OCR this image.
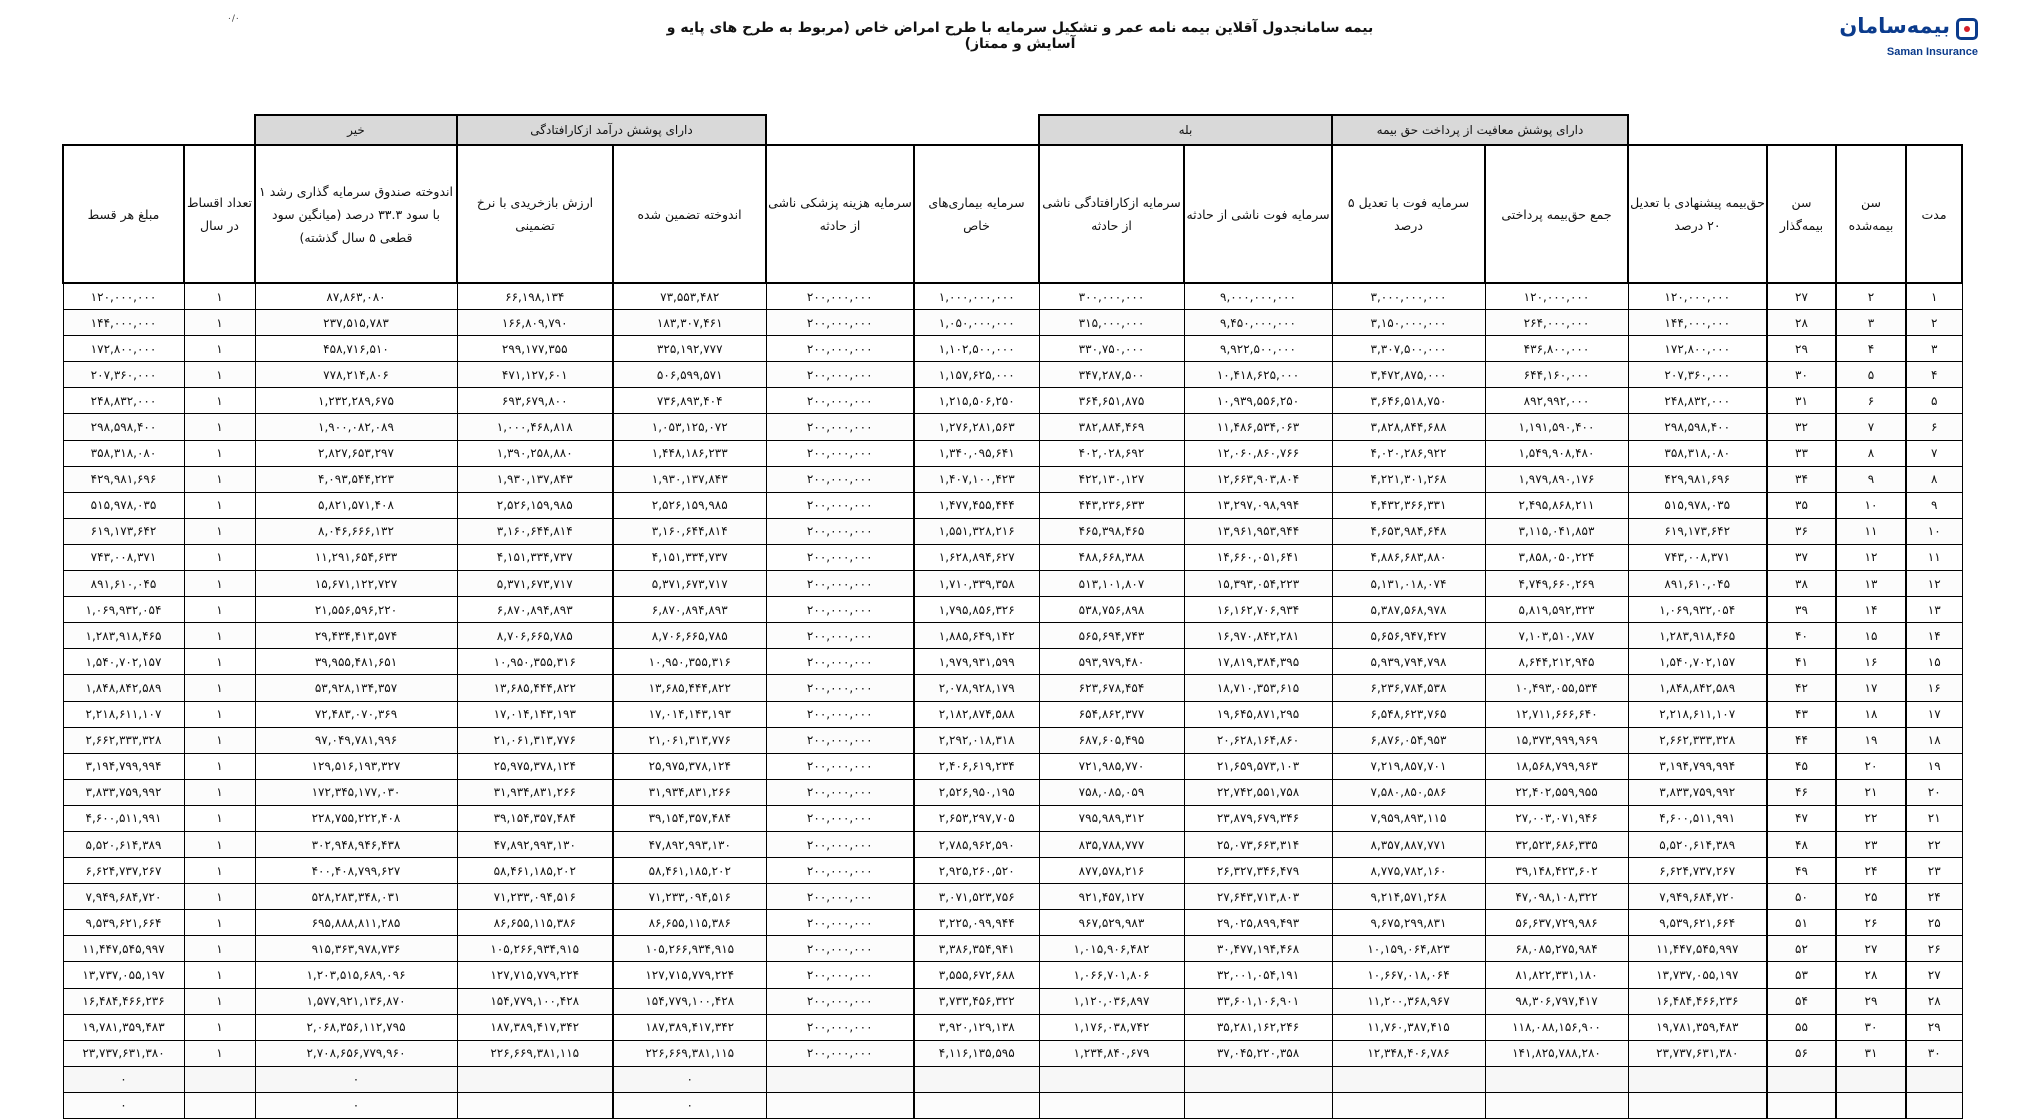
بیمه‌سامان
Saman Insurance
۰/۰
بیمه سامانجدول آقلاین بیمه نامه عمر و تشکیل سرمایه با طرح امراض خاص (مربوط به طرح های پایه و آسایش و ممتاز)
				دارای پوشش معافیت از پرداخت حق بیمه		بله				دارای پوشش درآمد ازکارافتادگی		خیر		
مدت	سن بیمه‌شده	سن بیمه‌گذار	حق‌بیمه پیشنهادی با تعدیل ۲۰ درصد	جمع حق‌بیمه پرداختی	سرمایه فوت با تعدیل ۵ درصد	سرمایه فوت ناشی از حادثه	سرمایه ازکارافتادگی ناشی از حادثه	سرمایه بیماری‌های خاص	سرمایه هزینه پزشکی ناشی از حادثه	اندوخته تضمین شده	ارزش بازخریدی با نرخ تضمینی	اندوخته صندوق سرمایه گذاری رشد ۱ با سود ۳۳.۳ درصد (میانگین سود قطعی ۵ سال گذشته)	تعداد اقساط در سال	مبلغ هر قسط
۱	۲	۲۷	۱۲۰,۰۰۰,۰۰۰	۱۲۰,۰۰۰,۰۰۰	۳,۰۰۰,۰۰۰,۰۰۰	۹,۰۰۰,۰۰۰,۰۰۰	۳۰۰,۰۰۰,۰۰۰	۱,۰۰۰,۰۰۰,۰۰۰	۲۰۰,۰۰۰,۰۰۰	۷۳,۵۵۳,۴۸۲	۶۶,۱۹۸,۱۳۴	۸۷,۸۶۳,۰۸۰	۱	۱۲۰,۰۰۰,۰۰۰
۲	۳	۲۸	۱۴۴,۰۰۰,۰۰۰	۲۶۴,۰۰۰,۰۰۰	۳,۱۵۰,۰۰۰,۰۰۰	۹,۴۵۰,۰۰۰,۰۰۰	۳۱۵,۰۰۰,۰۰۰	۱,۰۵۰,۰۰۰,۰۰۰	۲۰۰,۰۰۰,۰۰۰	۱۸۳,۳۰۷,۴۶۱	۱۶۶,۸۰۹,۷۹۰	۲۳۷,۵۱۵,۷۸۳	۱	۱۴۴,۰۰۰,۰۰۰
۳	۴	۲۹	۱۷۲,۸۰۰,۰۰۰	۴۳۶,۸۰۰,۰۰۰	۳,۳۰۷,۵۰۰,۰۰۰	۹,۹۲۲,۵۰۰,۰۰۰	۳۳۰,۷۵۰,۰۰۰	۱,۱۰۲,۵۰۰,۰۰۰	۲۰۰,۰۰۰,۰۰۰	۳۲۵,۱۹۲,۷۷۷	۲۹۹,۱۷۷,۳۵۵	۴۵۸,۷۱۶,۵۱۰	۱	۱۷۲,۸۰۰,۰۰۰
۴	۵	۳۰	۲۰۷,۳۶۰,۰۰۰	۶۴۴,۱۶۰,۰۰۰	۳,۴۷۲,۸۷۵,۰۰۰	۱۰,۴۱۸,۶۲۵,۰۰۰	۳۴۷,۲۸۷,۵۰۰	۱,۱۵۷,۶۲۵,۰۰۰	۲۰۰,۰۰۰,۰۰۰	۵۰۶,۵۹۹,۵۷۱	۴۷۱,۱۲۷,۶۰۱	۷۷۸,۲۱۴,۸۰۶	۱	۲۰۷,۳۶۰,۰۰۰
۵	۶	۳۱	۲۴۸,۸۳۲,۰۰۰	۸۹۲,۹۹۲,۰۰۰	۳,۶۴۶,۵۱۸,۷۵۰	۱۰,۹۳۹,۵۵۶,۲۵۰	۳۶۴,۶۵۱,۸۷۵	۱,۲۱۵,۵۰۶,۲۵۰	۲۰۰,۰۰۰,۰۰۰	۷۳۶,۸۹۳,۴۰۴	۶۹۳,۶۷۹,۸۰۰	۱,۲۳۲,۲۸۹,۶۷۵	۱	۲۴۸,۸۳۲,۰۰۰
۶	۷	۳۲	۲۹۸,۵۹۸,۴۰۰	۱,۱۹۱,۵۹۰,۴۰۰	۳,۸۲۸,۸۴۴,۶۸۸	۱۱,۴۸۶,۵۳۴,۰۶۳	۳۸۲,۸۸۴,۴۶۹	۱,۲۷۶,۲۸۱,۵۶۳	۲۰۰,۰۰۰,۰۰۰	۱,۰۵۳,۱۲۵,۰۷۲	۱,۰۰۰,۴۶۸,۸۱۸	۱,۹۰۰,۰۸۲,۰۸۹	۱	۲۹۸,۵۹۸,۴۰۰
۷	۸	۳۳	۳۵۸,۳۱۸,۰۸۰	۱,۵۴۹,۹۰۸,۴۸۰	۴,۰۲۰,۲۸۶,۹۲۲	۱۲,۰۶۰,۸۶۰,۷۶۶	۴۰۲,۰۲۸,۶۹۲	۱,۳۴۰,۰۹۵,۶۴۱	۲۰۰,۰۰۰,۰۰۰	۱,۴۴۸,۱۸۶,۲۳۳	۱,۳۹۰,۲۵۸,۸۸۰	۲,۸۲۷,۶۵۳,۲۹۷	۱	۳۵۸,۳۱۸,۰۸۰
۸	۹	۳۴	۴۲۹,۹۸۱,۶۹۶	۱,۹۷۹,۸۹۰,۱۷۶	۴,۲۲۱,۳۰۱,۲۶۸	۱۲,۶۶۳,۹۰۳,۸۰۴	۴۲۲,۱۳۰,۱۲۷	۱,۴۰۷,۱۰۰,۴۲۳	۲۰۰,۰۰۰,۰۰۰	۱,۹۳۰,۱۳۷,۸۴۳	۱,۹۳۰,۱۳۷,۸۴۳	۴,۰۹۳,۵۴۴,۲۲۳	۱	۴۲۹,۹۸۱,۶۹۶
۹	۱۰	۳۵	۵۱۵,۹۷۸,۰۳۵	۲,۴۹۵,۸۶۸,۲۱۱	۴,۴۳۲,۳۶۶,۳۳۱	۱۳,۲۹۷,۰۹۸,۹۹۴	۴۴۳,۲۳۶,۶۳۳	۱,۴۷۷,۴۵۵,۴۴۴	۲۰۰,۰۰۰,۰۰۰	۲,۵۲۶,۱۵۹,۹۸۵	۲,۵۲۶,۱۵۹,۹۸۵	۵,۸۲۱,۵۷۱,۴۰۸	۱	۵۱۵,۹۷۸,۰۳۵
۱۰	۱۱	۳۶	۶۱۹,۱۷۳,۶۴۲	۳,۱۱۵,۰۴۱,۸۵۳	۴,۶۵۳,۹۸۴,۶۴۸	۱۳,۹۶۱,۹۵۳,۹۴۴	۴۶۵,۳۹۸,۴۶۵	۱,۵۵۱,۳۲۸,۲۱۶	۲۰۰,۰۰۰,۰۰۰	۳,۱۶۰,۶۴۴,۸۱۴	۳,۱۶۰,۶۴۴,۸۱۴	۸,۰۴۶,۶۶۶,۱۳۲	۱	۶۱۹,۱۷۳,۶۴۲
۱۱	۱۲	۳۷	۷۴۳,۰۰۸,۳۷۱	۳,۸۵۸,۰۵۰,۲۲۴	۴,۸۸۶,۶۸۳,۸۸۰	۱۴,۶۶۰,۰۵۱,۶۴۱	۴۸۸,۶۶۸,۳۸۸	۱,۶۲۸,۸۹۴,۶۲۷	۲۰۰,۰۰۰,۰۰۰	۴,۱۵۱,۳۳۴,۷۳۷	۴,۱۵۱,۳۳۴,۷۳۷	۱۱,۲۹۱,۶۵۴,۶۳۳	۱	۷۴۳,۰۰۸,۳۷۱
۱۲	۱۳	۳۸	۸۹۱,۶۱۰,۰۴۵	۴,۷۴۹,۶۶۰,۲۶۹	۵,۱۳۱,۰۱۸,۰۷۴	۱۵,۳۹۳,۰۵۴,۲۲۳	۵۱۳,۱۰۱,۸۰۷	۱,۷۱۰,۳۳۹,۳۵۸	۲۰۰,۰۰۰,۰۰۰	۵,۳۷۱,۶۷۳,۷۱۷	۵,۳۷۱,۶۷۳,۷۱۷	۱۵,۶۷۱,۱۲۲,۷۲۷	۱	۸۹۱,۶۱۰,۰۴۵
۱۳	۱۴	۳۹	۱,۰۶۹,۹۳۲,۰۵۴	۵,۸۱۹,۵۹۲,۳۲۳	۵,۳۸۷,۵۶۸,۹۷۸	۱۶,۱۶۲,۷۰۶,۹۳۴	۵۳۸,۷۵۶,۸۹۸	۱,۷۹۵,۸۵۶,۳۲۶	۲۰۰,۰۰۰,۰۰۰	۶,۸۷۰,۸۹۴,۸۹۳	۶,۸۷۰,۸۹۴,۸۹۳	۲۱,۵۵۶,۵۹۶,۲۲۰	۱	۱,۰۶۹,۹۳۲,۰۵۴
۱۴	۱۵	۴۰	۱,۲۸۳,۹۱۸,۴۶۵	۷,۱۰۳,۵۱۰,۷۸۷	۵,۶۵۶,۹۴۷,۴۲۷	۱۶,۹۷۰,۸۴۲,۲۸۱	۵۶۵,۶۹۴,۷۴۳	۱,۸۸۵,۶۴۹,۱۴۲	۲۰۰,۰۰۰,۰۰۰	۸,۷۰۶,۶۶۵,۷۸۵	۸,۷۰۶,۶۶۵,۷۸۵	۲۹,۴۳۴,۴۱۳,۵۷۴	۱	۱,۲۸۳,۹۱۸,۴۶۵
۱۵	۱۶	۴۱	۱,۵۴۰,۷۰۲,۱۵۷	۸,۶۴۴,۲۱۲,۹۴۵	۵,۹۳۹,۷۹۴,۷۹۸	۱۷,۸۱۹,۳۸۴,۳۹۵	۵۹۳,۹۷۹,۴۸۰	۱,۹۷۹,۹۳۱,۵۹۹	۲۰۰,۰۰۰,۰۰۰	۱۰,۹۵۰,۳۵۵,۳۱۶	۱۰,۹۵۰,۳۵۵,۳۱۶	۳۹,۹۵۵,۴۸۱,۶۵۱	۱	۱,۵۴۰,۷۰۲,۱۵۷
۱۶	۱۷	۴۲	۱,۸۴۸,۸۴۲,۵۸۹	۱۰,۴۹۳,۰۵۵,۵۳۴	۶,۲۳۶,۷۸۴,۵۳۸	۱۸,۷۱۰,۳۵۳,۶۱۵	۶۲۳,۶۷۸,۴۵۴	۲,۰۷۸,۹۲۸,۱۷۹	۲۰۰,۰۰۰,۰۰۰	۱۳,۶۸۵,۴۴۴,۸۲۲	۱۳,۶۸۵,۴۴۴,۸۲۲	۵۳,۹۲۸,۱۳۴,۳۵۷	۱	۱,۸۴۸,۸۴۲,۵۸۹
۱۷	۱۸	۴۳	۲,۲۱۸,۶۱۱,۱۰۷	۱۲,۷۱۱,۶۶۶,۶۴۰	۶,۵۴۸,۶۲۳,۷۶۵	۱۹,۶۴۵,۸۷۱,۲۹۵	۶۵۴,۸۶۲,۳۷۷	۲,۱۸۲,۸۷۴,۵۸۸	۲۰۰,۰۰۰,۰۰۰	۱۷,۰۱۴,۱۴۳,۱۹۳	۱۷,۰۱۴,۱۴۳,۱۹۳	۷۲,۴۸۳,۰۷۰,۳۶۹	۱	۲,۲۱۸,۶۱۱,۱۰۷
۱۸	۱۹	۴۴	۲,۶۶۲,۳۳۳,۳۲۸	۱۵,۳۷۳,۹۹۹,۹۶۹	۶,۸۷۶,۰۵۴,۹۵۳	۲۰,۶۲۸,۱۶۴,۸۶۰	۶۸۷,۶۰۵,۴۹۵	۲,۲۹۲,۰۱۸,۳۱۸	۲۰۰,۰۰۰,۰۰۰	۲۱,۰۶۱,۳۱۳,۷۷۶	۲۱,۰۶۱,۳۱۳,۷۷۶	۹۷,۰۴۹,۷۸۱,۹۹۶	۱	۲,۶۶۲,۳۳۳,۳۲۸
۱۹	۲۰	۴۵	۳,۱۹۴,۷۹۹,۹۹۴	۱۸,۵۶۸,۷۹۹,۹۶۳	۷,۲۱۹,۸۵۷,۷۰۱	۲۱,۶۵۹,۵۷۳,۱۰۳	۷۲۱,۹۸۵,۷۷۰	۲,۴۰۶,۶۱۹,۲۳۴	۲۰۰,۰۰۰,۰۰۰	۲۵,۹۷۵,۳۷۸,۱۲۴	۲۵,۹۷۵,۳۷۸,۱۲۴	۱۲۹,۵۱۶,۱۹۳,۳۲۷	۱	۳,۱۹۴,۷۹۹,۹۹۴
۲۰	۲۱	۴۶	۳,۸۳۳,۷۵۹,۹۹۲	۲۲,۴۰۲,۵۵۹,۹۵۵	۷,۵۸۰,۸۵۰,۵۸۶	۲۲,۷۴۲,۵۵۱,۷۵۸	۷۵۸,۰۸۵,۰۵۹	۲,۵۲۶,۹۵۰,۱۹۵	۲۰۰,۰۰۰,۰۰۰	۳۱,۹۳۴,۸۳۱,۲۶۶	۳۱,۹۳۴,۸۳۱,۲۶۶	۱۷۲,۳۴۵,۱۷۷,۰۳۰	۱	۳,۸۳۳,۷۵۹,۹۹۲
۲۱	۲۲	۴۷	۴,۶۰۰,۵۱۱,۹۹۱	۲۷,۰۰۳,۰۷۱,۹۴۶	۷,۹۵۹,۸۹۳,۱۱۵	۲۳,۸۷۹,۶۷۹,۳۴۶	۷۹۵,۹۸۹,۳۱۲	۲,۶۵۳,۲۹۷,۷۰۵	۲۰۰,۰۰۰,۰۰۰	۳۹,۱۵۴,۳۵۷,۴۸۴	۳۹,۱۵۴,۳۵۷,۴۸۴	۲۲۸,۷۵۵,۲۲۲,۴۰۸	۱	۴,۶۰۰,۵۱۱,۹۹۱
۲۲	۲۳	۴۸	۵,۵۲۰,۶۱۴,۳۸۹	۳۲,۵۲۳,۶۸۶,۳۳۵	۸,۳۵۷,۸۸۷,۷۷۱	۲۵,۰۷۳,۶۶۳,۳۱۴	۸۳۵,۷۸۸,۷۷۷	۲,۷۸۵,۹۶۲,۵۹۰	۲۰۰,۰۰۰,۰۰۰	۴۷,۸۹۲,۹۹۳,۱۳۰	۴۷,۸۹۲,۹۹۳,۱۳۰	۳۰۲,۹۴۸,۹۴۶,۴۳۸	۱	۵,۵۲۰,۶۱۴,۳۸۹
۲۳	۲۴	۴۹	۶,۶۲۴,۷۳۷,۲۶۷	۳۹,۱۴۸,۴۲۳,۶۰۲	۸,۷۷۵,۷۸۲,۱۶۰	۲۶,۳۲۷,۳۴۶,۴۷۹	۸۷۷,۵۷۸,۲۱۶	۲,۹۲۵,۲۶۰,۵۲۰	۲۰۰,۰۰۰,۰۰۰	۵۸,۴۶۱,۱۸۵,۲۰۲	۵۸,۴۶۱,۱۸۵,۲۰۲	۴۰۰,۴۰۸,۷۹۹,۶۲۷	۱	۶,۶۲۴,۷۳۷,۲۶۷
۲۴	۲۵	۵۰	۷,۹۴۹,۶۸۴,۷۲۰	۴۷,۰۹۸,۱۰۸,۳۲۲	۹,۲۱۴,۵۷۱,۲۶۸	۲۷,۶۴۳,۷۱۳,۸۰۳	۹۲۱,۴۵۷,۱۲۷	۳,۰۷۱,۵۲۳,۷۵۶	۲۰۰,۰۰۰,۰۰۰	۷۱,۲۳۳,۰۹۴,۵۱۶	۷۱,۲۳۳,۰۹۴,۵۱۶	۵۲۸,۲۸۳,۳۴۸,۰۳۱	۱	۷,۹۴۹,۶۸۴,۷۲۰
۲۵	۲۶	۵۱	۹,۵۳۹,۶۲۱,۶۶۴	۵۶,۶۳۷,۷۲۹,۹۸۶	۹,۶۷۵,۲۹۹,۸۳۱	۲۹,۰۲۵,۸۹۹,۴۹۳	۹۶۷,۵۲۹,۹۸۳	۳,۲۲۵,۰۹۹,۹۴۴	۲۰۰,۰۰۰,۰۰۰	۸۶,۶۵۵,۱۱۵,۳۸۶	۸۶,۶۵۵,۱۱۵,۳۸۶	۶۹۵,۸۸۸,۸۱۱,۲۸۵	۱	۹,۵۳۹,۶۲۱,۶۶۴
۲۶	۲۷	۵۲	۱۱,۴۴۷,۵۴۵,۹۹۷	۶۸,۰۸۵,۲۷۵,۹۸۴	۱۰,۱۵۹,۰۶۴,۸۲۳	۳۰,۴۷۷,۱۹۴,۴۶۸	۱,۰۱۵,۹۰۶,۴۸۲	۳,۳۸۶,۳۵۴,۹۴۱	۲۰۰,۰۰۰,۰۰۰	۱۰۵,۲۶۶,۹۳۴,۹۱۵	۱۰۵,۲۶۶,۹۳۴,۹۱۵	۹۱۵,۳۶۳,۹۷۸,۷۳۶	۱	۱۱,۴۴۷,۵۴۵,۹۹۷
۲۷	۲۸	۵۳	۱۳,۷۳۷,۰۵۵,۱۹۷	۸۱,۸۲۲,۳۳۱,۱۸۰	۱۰,۶۶۷,۰۱۸,۰۶۴	۳۲,۰۰۱,۰۵۴,۱۹۱	۱,۰۶۶,۷۰۱,۸۰۶	۳,۵۵۵,۶۷۲,۶۸۸	۲۰۰,۰۰۰,۰۰۰	۱۲۷,۷۱۵,۷۷۹,۲۲۴	۱۲۷,۷۱۵,۷۷۹,۲۲۴	۱,۲۰۳,۵۱۵,۶۸۹,۰۹۶	۱	۱۳,۷۳۷,۰۵۵,۱۹۷
۲۸	۲۹	۵۴	۱۶,۴۸۴,۴۶۶,۲۳۶	۹۸,۳۰۶,۷۹۷,۴۱۷	۱۱,۲۰۰,۳۶۸,۹۶۷	۳۳,۶۰۱,۱۰۶,۹۰۱	۱,۱۲۰,۰۳۶,۸۹۷	۳,۷۳۳,۴۵۶,۳۲۲	۲۰۰,۰۰۰,۰۰۰	۱۵۴,۷۷۹,۱۰۰,۴۲۸	۱۵۴,۷۷۹,۱۰۰,۴۲۸	۱,۵۷۷,۹۲۱,۱۳۶,۸۷۰	۱	۱۶,۴۸۴,۴۶۶,۲۳۶
۲۹	۳۰	۵۵	۱۹,۷۸۱,۳۵۹,۴۸۳	۱۱۸,۰۸۸,۱۵۶,۹۰۰	۱۱,۷۶۰,۳۸۷,۴۱۵	۳۵,۲۸۱,۱۶۲,۲۴۶	۱,۱۷۶,۰۳۸,۷۴۲	۳,۹۲۰,۱۲۹,۱۳۸	۲۰۰,۰۰۰,۰۰۰	۱۸۷,۳۸۹,۴۱۷,۳۴۲	۱۸۷,۳۸۹,۴۱۷,۳۴۲	۲,۰۶۸,۳۵۶,۱۱۲,۷۹۵	۱	۱۹,۷۸۱,۳۵۹,۴۸۳
۳۰	۳۱	۵۶	۲۳,۷۳۷,۶۳۱,۳۸۰	۱۴۱,۸۲۵,۷۸۸,۲۸۰	۱۲,۳۴۸,۴۰۶,۷۸۶	۳۷,۰۴۵,۲۲۰,۳۵۸	۱,۲۳۴,۸۴۰,۶۷۹	۴,۱۱۶,۱۳۵,۵۹۵	۲۰۰,۰۰۰,۰۰۰	۲۲۶,۶۶۹,۳۸۱,۱۱۵	۲۲۶,۶۶۹,۳۸۱,۱۱۵	۲,۷۰۸,۶۵۶,۷۷۹,۹۶۰	۱	۲۳,۷۳۷,۶۳۱,۳۸۰
										۰		۰		۰
										۰		۰		۰
